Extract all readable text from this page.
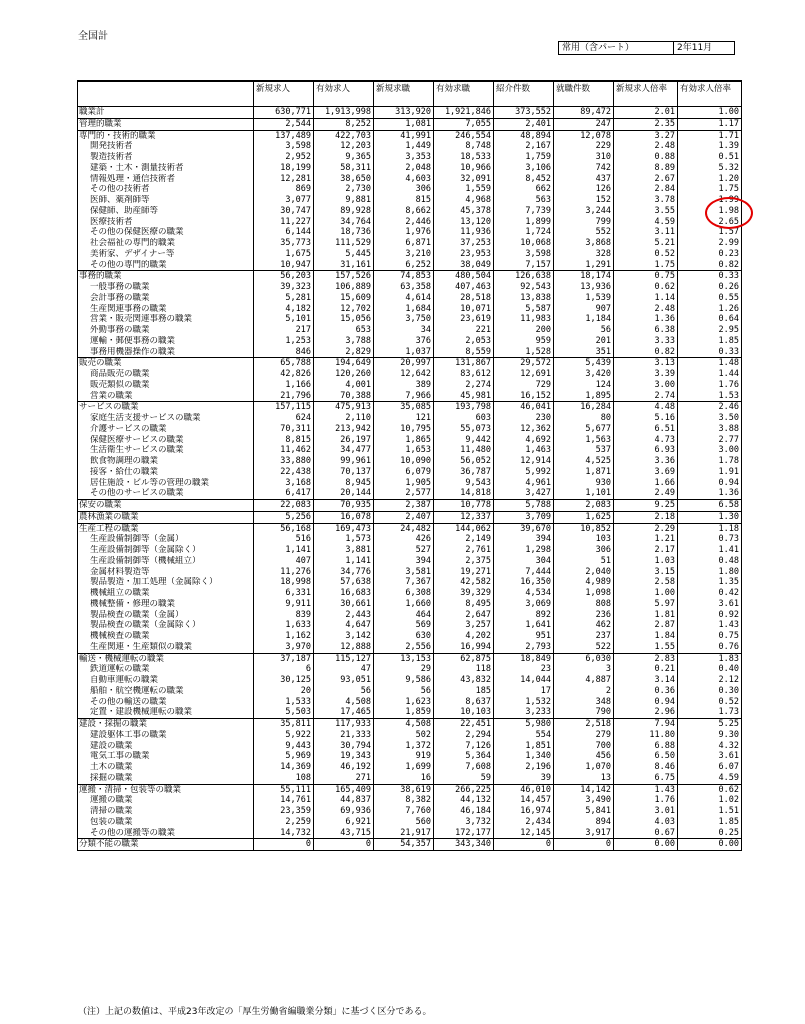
全国計
常用（含パート）	2年11月
	新規求人	有効求人	新規求職	有効求職	紹介件数	就職件数	新規求人倍率	有効求人倍率
職業計	630,771	1,913,998	313,920	1,921,846	373,552	89,472	2.01	1.00
管理的職業	2,544	8,252	1,081	7,055	2,401	247	2.35	1.17
専門的・技術的職業	137,489	422,703	41,991	246,554	48,894	12,078	3.27	1.71
開発技術者	3,598	12,203	1,449	8,748	2,167	229	2.48	1.39
製造技術者	2,952	9,365	3,353	18,533	1,759	310	0.88	0.51
建築・土木・測量技術者	18,199	58,311	2,048	10,966	3,106	742	8.89	5.32
情報処理・通信技術者	12,281	38,650	4,603	32,091	8,452	437	2.67	1.20
その他の技術者	869	2,730	306	1,559	662	126	2.84	1.75
医師、薬剤師等	3,077	9,881	815	4,968	563	152	3.78	1.99
保健師、助産師等	30,747	89,928	8,662	45,378	7,739	3,244	3.55	1.98
医療技術者	11,227	34,764	2,446	13,120	1,899	799	4.59	2.65
その他の保健医療の職業	6,144	18,736	1,976	11,936	1,724	552	3.11	1.57
社会福祉の専門的職業	35,773	111,529	6,871	37,253	10,068	3,868	5.21	2.99
美術家、デザイナー等	1,675	5,445	3,210	23,953	3,598	328	0.52	0.23
その他の専門的職業	10,947	31,161	6,252	38,049	7,157	1,291	1.75	0.82
事務的職業	56,203	157,526	74,853	480,504	126,638	18,174	0.75	0.33
一般事務の職業	39,323	106,889	63,358	407,463	92,543	13,936	0.62	0.26
会計事務の職業	5,281	15,609	4,614	28,518	13,838	1,539	1.14	0.55
生産関連事務の職業	4,182	12,702	1,684	10,071	5,587	907	2.48	1.26
営業・販売関連事務の職業	5,101	15,056	3,750	23,619	11,983	1,184	1.36	0.64
外勤事務の職業	217	653	34	221	200	56	6.38	2.95
運輸・郵便事務の職業	1,253	3,788	376	2,053	959	201	3.33	1.85
事務用機器操作の職業	846	2,829	1,037	8,559	1,528	351	0.82	0.33
販売の職業	65,788	194,649	20,997	131,867	29,572	5,439	3.13	1.48
商品販売の職業	42,826	120,260	12,642	83,612	12,691	3,420	3.39	1.44
販売類似の職業	1,166	4,001	389	2,274	729	124	3.00	1.76
営業の職業	21,796	70,388	7,966	45,981	16,152	1,895	2.74	1.53
サービスの職業	157,115	475,913	35,085	193,798	46,041	16,284	4.48	2.46
家庭生活支援サービスの職業	624	2,110	121	603	230	80	5.16	3.50
介護サービスの職業	70,311	213,942	10,795	55,073	12,362	5,677	6.51	3.88
保健医療サービスの職業	8,815	26,197	1,865	9,442	4,692	1,563	4.73	2.77
生活衛生サービスの職業	11,462	34,477	1,653	11,480	1,463	537	6.93	3.00
飲食物調理の職業	33,880	99,961	10,090	56,052	12,914	4,525	3.36	1.78
接客・給仕の職業	22,438	70,137	6,079	36,787	5,992	1,871	3.69	1.91
居住施設・ビル等の管理の職業	3,168	8,945	1,905	9,543	4,961	930	1.66	0.94
その他のサービスの職業	6,417	20,144	2,577	14,818	3,427	1,101	2.49	1.36
保安の職業	22,083	70,935	2,387	10,778	5,788	2,083	9.25	6.58
農林漁業の職業	5,256	16,078	2,407	12,337	3,709	1,625	2.18	1.30
生産工程の職業	56,168	169,473	24,482	144,062	39,670	10,852	2.29	1.18
生産設備制御等（金属）	516	1,573	426	2,149	394	103	1.21	0.73
生産設備制御等（金属除く）	1,141	3,881	527	2,761	1,298	306	2.17	1.41
生産設備制御等（機械組立）	407	1,141	394	2,375	304	51	1.03	0.48
金属材料製造等	11,276	34,776	3,581	19,271	7,444	2,040	3.15	1.80
製品製造・加工処理（金属除く）	18,998	57,638	7,367	42,582	16,350	4,989	2.58	1.35
機械組立の職業	6,331	16,683	6,308	39,329	4,534	1,098	1.00	0.42
機械整備・修理の職業	9,911	30,661	1,660	8,495	3,069	808	5.97	3.61
製品検査の職業（金属）	839	2,443	464	2,647	892	236	1.81	0.92
製品検査の職業（金属除く）	1,633	4,647	569	3,257	1,641	462	2.87	1.43
機械検査の職業	1,162	3,142	630	4,202	951	237	1.84	0.75
生産関連・生産類似の職業	3,970	12,888	2,556	16,994	2,793	522	1.55	0.76
輸送・機械運転の職業	37,187	115,127	13,153	62,875	18,849	6,030	2.83	1.83
鉄道運転の職業	6	47	29	118	23	3	0.21	0.40
自動車運転の職業	30,125	93,051	9,586	43,832	14,044	4,887	3.14	2.12
船舶・航空機運転の職業	20	56	56	185	17	2	0.36	0.30
その他の輸送の職業	1,533	4,508	1,623	8,637	1,532	348	0.94	0.52
定置・建設機械運転の職業	5,503	17,465	1,859	10,103	3,233	790	2.96	1.73
建設・採掘の職業	35,811	117,933	4,508	22,451	5,980	2,518	7.94	5.25
建設躯体工事の職業	5,922	21,333	502	2,294	554	279	11.80	9.30
建設の職業	9,443	30,794	1,372	7,126	1,851	700	6.88	4.32
電気工事の職業	5,969	19,343	919	5,364	1,340	456	6.50	3.61
土木の職業	14,369	46,192	1,699	7,608	2,196	1,070	8.46	6.07
採掘の職業	108	271	16	59	39	13	6.75	4.59
運搬・清掃・包装等の職業	55,111	165,409	38,619	266,225	46,010	14,142	1.43	0.62
運搬の職業	14,761	44,837	8,382	44,132	14,457	3,490	1.76	1.02
清掃の職業	23,359	69,936	7,760	46,184	16,974	5,841	3.01	1.51
包装の職業	2,259	6,921	560	3,732	2,434	894	4.03	1.85
その他の運搬等の職業	14,732	43,715	21,917	172,177	12,145	3,917	0.67	0.25
分類不能の職業	0	0	54,357	343,340	0	0	0.00	0.00
（注）上記の数値は、平成23年改定の「厚生労働省編職業分類」に基づく区分である。
